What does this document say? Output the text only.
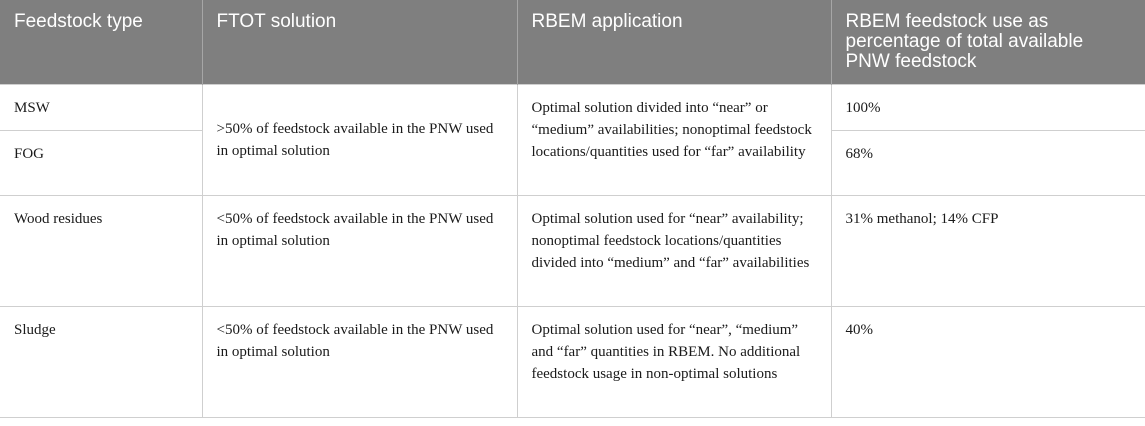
Feedstock type	FTOT solution	RBEM application	RBEM feedstock use as percentage of total available PNW feedstock
MSW	>50% of feedstock available in the PNW used in optimal solution	Optimal solution divided into “near” or “medium” availabilities; nonoptimal feedstock locations/quantities used for “far” availability	100%
FOG			68%
Wood residues	<50% of feedstock available in the PNW used in optimal solution	Optimal solution used for “near” availability; nonoptimal feedstock locations/quantities divided into “medium” and “far” availabilities	31% methanol; 14% CFP
Sludge	<50% of feedstock available in the PNW used in optimal solution	Optimal solution used for “near”, “medium” and “far” quantities in RBEM. No additional feedstock usage in non-optimal solutions	40%
